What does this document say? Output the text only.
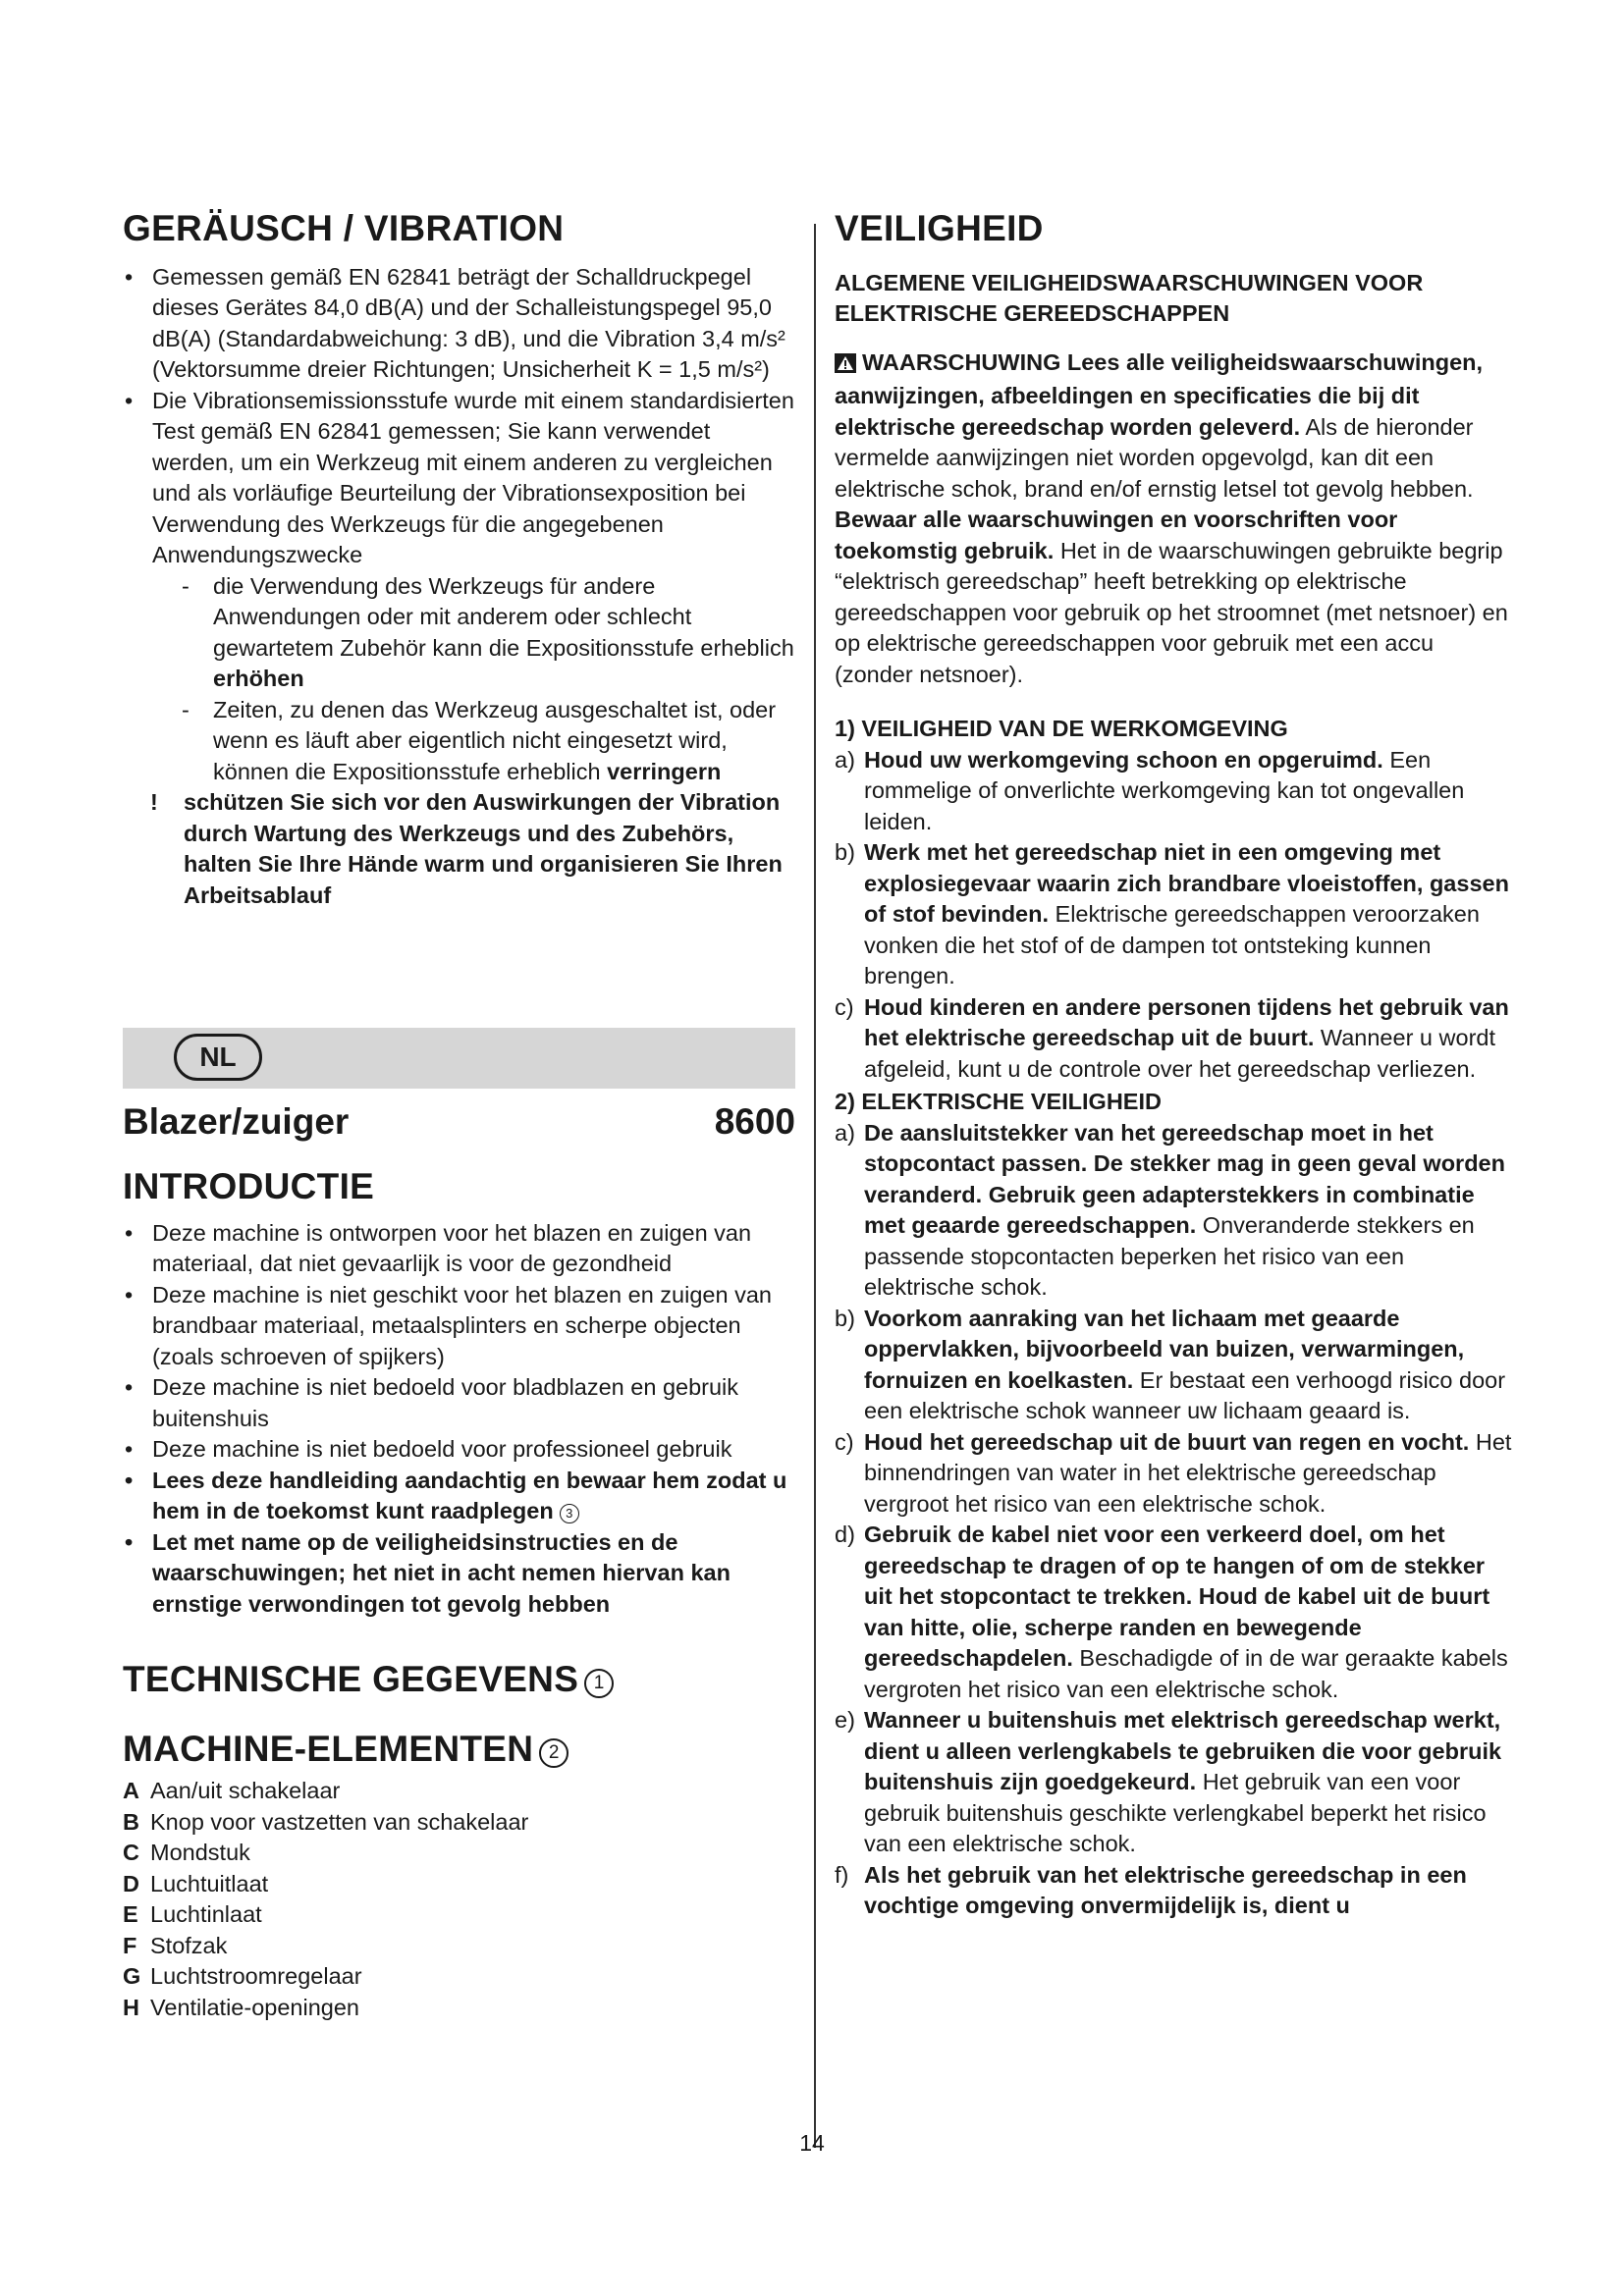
GERÄUSCH / VIBRATION
• Gemessen gemäß EN 62841 beträgt der Schalldruckpegel dieses Gerätes 84,0 dB(A) und der Schalleistungspegel 95,0 dB(A) (Standardabweichung: 3 dB), und die Vibration 3,4 m/s² (Vektorsumme dreier Richtungen; Unsicherheit K = 1,5 m/s²)
• Die Vibrationsemissionsstufe wurde mit einem standardisierten Test gemäß EN 62841 gemessen; Sie kann verwendet werden, um ein Werkzeug mit einem anderen zu vergleichen und als vorläufige Beurteilung der Vibrationsexposition bei Verwendung des Werkzeugs für die angegebenen Anwendungszwecke
- die Verwendung des Werkzeugs für andere Anwendungen oder mit anderem oder schlecht gewartetem Zubehör kann die Expositionsstufe erheblich erhöhen
- Zeiten, zu denen das Werkzeug ausgeschaltet ist, oder wenn es läuft aber eigentlich nicht eingesetzt wird, können die Expositionsstufe erheblich verringern
! schützen Sie sich vor den Auswirkungen der Vibration durch Wartung des Werkzeugs und des Zubehörs, halten Sie Ihre Hände warm und organisieren Sie Ihren Arbeitsablauf
NL
Blazer/zuiger	8600
INTRODUCTIE
• Deze machine is ontworpen voor het blazen en zuigen van materiaal, dat niet gevaarlijk is voor de gezondheid
• Deze machine is niet geschikt voor het blazen en zuigen van brandbaar materiaal, metaalsplinters en scherpe objecten (zoals schroeven of spijkers)
• Deze machine is niet bedoeld voor bladblazen en gebruik buitenshuis
• Deze machine is niet bedoeld voor professioneel gebruik
• Lees deze handleiding aandachtig en bewaar hem zodat u hem in de toekomst kunt raadplegen 3
• Let met name op de veiligheidsinstructies en de waarschuwingen; het niet in acht nemen hiervan kan ernstige verwondingen tot gevolg hebben
TECHNISCHE GEGEVENS 1
MACHINE-ELEMENTEN 2
A Aan/uit schakelaar
B Knop voor vastzetten van schakelaar
C Mondstuk
D Luchtuitlaat
E Luchtinlaat
F Stofzak
G Luchtstroomregelaar
H Ventilatie-openingen
VEILIGHEID
ALGEMENE VEILIGHEIDSWAARSCHUWINGEN VOOR ELEKTRISCHE GEREEDSCHAPPEN
WAARSCHUWING Lees alle veiligheidswaarschuwingen, aanwijzingen, afbeeldingen en specificaties die bij dit elektrische gereedschap worden geleverd. Als de hieronder vermelde aanwijzingen niet worden opgevolgd, kan dit een elektrische schok, brand en/of ernstig letsel tot gevolg hebben. Bewaar alle waarschuwingen en voorschriften voor toekomstig gebruik. Het in de waarschuwingen gebruikte begrip “elektrisch gereedschap” heeft betrekking op elektrische gereedschappen voor gebruik op het stroomnet (met netsnoer) en op elektrische gereedschappen voor gebruik met een accu (zonder netsnoer).
1) VEILIGHEID VAN DE WERKOMGEVING
a) Houd uw werkomgeving schoon en opgeruimd. Een rommelige of onverlichte werkomgeving kan tot ongevallen leiden.
b) Werk met het gereedschap niet in een omgeving met explosiegevaar waarin zich brandbare vloeistoffen, gassen of stof bevinden. Elektrische gereedschappen veroorzaken vonken die het stof of de dampen tot ontsteking kunnen brengen.
c) Houd kinderen en andere personen tijdens het gebruik van het elektrische gereedschap uit de buurt. Wanneer u wordt afgeleid, kunt u de controle over het gereedschap verliezen.
2) ELEKTRISCHE VEILIGHEID
a) De aansluitstekker van het gereedschap moet in het stopcontact passen. De stekker mag in geen geval worden veranderd. Gebruik geen adapterstekkers in combinatie met geaarde gereedschappen. Onveranderde stekkers en passende stopcontacten beperken het risico van een elektrische schok.
b) Voorkom aanraking van het lichaam met geaarde oppervlakken, bijvoorbeeld van buizen, verwarmingen, fornuizen en koelkasten. Er bestaat een verhoogd risico door een elektrische schok wanneer uw lichaam geaard is.
c) Houd het gereedschap uit de buurt van regen en vocht. Het binnendringen van water in het elektrische gereedschap vergroot het risico van een elektrische schok.
d) Gebruik de kabel niet voor een verkeerd doel, om het gereedschap te dragen of op te hangen of om de stekker uit het stopcontact te trekken. Houd de kabel uit de buurt van hitte, olie, scherpe randen en bewegende gereedschapdelen. Beschadigde of in de war geraakte kabels vergroten het risico van een elektrische schok.
e) Wanneer u buitenshuis met elektrisch gereedschap werkt, dient u alleen verlengkabels te gebruiken die voor gebruik buitenshuis zijn goedgekeurd. Het gebruik van een voor gebruik buitenshuis geschikte verlengkabel beperkt het risico van een elektrische schok.
f) Als het gebruik van het elektrische gereedschap in een vochtige omgeving onvermijdelijk is, dient u
14
